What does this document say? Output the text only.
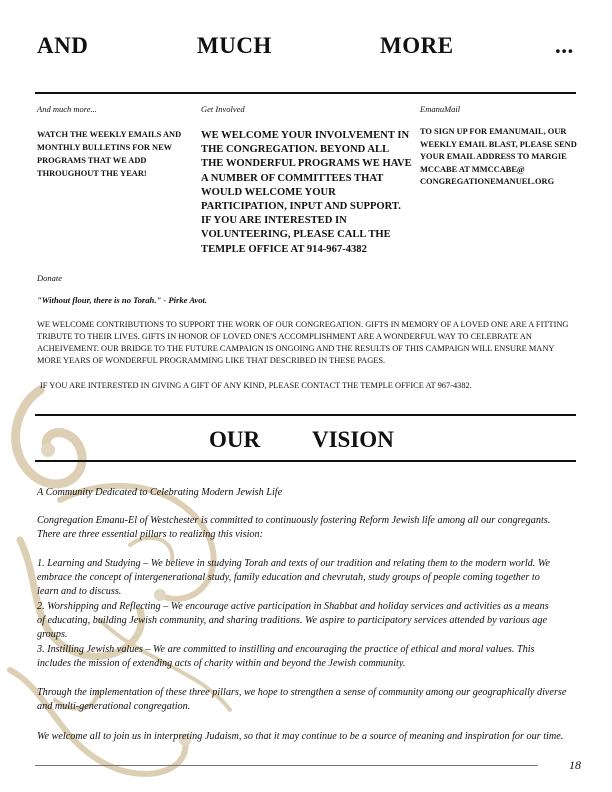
AND	MUCH	MORE	...
And much more...	Get Involved	EmanuMail
WATCH THE WEEKLY EMAILS AND MONTHLY BULLETINS FOR NEW PROGRAMS THAT WE ADD THROUGHOUT THE YEAR!
WE WELCOME YOUR INVOLVEMENT IN THE CONGREGATION. BEYOND ALL THE WONDERFUL PROGRAMS WE HAVE A NUMBER OF COMMITTEES THAT WOULD WELCOME YOUR PARTICIPATION, INPUT AND SUPPORT. IF YOU ARE INTERESTED IN VOLUNTEERING, PLEASE CALL THE TEMPLE OFFICE AT 914-967-4382
TO SIGN UP FOR EMANUMAIL, OUR WEEKLY EMAIL BLAST, PLEASE SEND YOUR EMAIL ADDRESS TO MARGIE MCCABE AT MMCCABE@ CONGREGATIONEMANUEL.ORG
Donate
"Without flour, there is no Torah." - Pirke Avot.
WE WELCOME CONTRIBUTIONS TO SUPPORT THE WORK OF OUR CONGREGATION. GIFTS IN MEMORY OF A LOVED ONE ARE A FITTING TRIBUTE TO THEIR LIVES. GIFTS IN HONOR OF LOVED ONE'S ACCOMPLISHMENT ARE A WONDERFUL WAY TO CELEBRATE AN ACHEIVEMENT. OUR BRIDGE TO THE FUTURE CAMPAIGN IS ONGOING AND THE RESULTS OF THIS CAMPAIGN WILL ENSURE MANY MORE YEARS OF WONDERFUL PROGRAMMING LIKE THAT DESCRIBED IN THESE PAGES.
IF YOU ARE INTERESTED IN GIVING A GIFT OF ANY KIND, PLEASE CONTACT THE TEMPLE OFFICE AT 967-4382.
OUR VISION
A Community Dedicated to Celebrating Modern Jewish Life
Congregation Emanu-El of Westchester is committed to continuously fostering Reform Jewish life among all our congregants. There are three essential pillars to realizing this vision:
1. Learning and Studying – We believe in studying Torah and texts of our tradition and relating them to the modern world. We embrace the concept of intergenerational study, family education and chevrutah, study groups of people coming together to learn and to discuss.
2. Worshipping and Reflecting – We encourage active participation in Shabbat and holiday services and activities as a means of educating, building Jewish community, and sharing traditions. We aspire to participatory services attended by various age groups.
3. Instilling Jewish values – We are committed to instilling and encouraging the practice of ethical and moral values. This includes the mission of extending acts of charity within and beyond the Jewish community.
Through the implementation of these three pillars, we hope to strengthen a sense of community among our geographically diverse and multi-generational congregation.
We welcome all to join us in interpreting Judaism, so that it may continue to be a source of meaning and inspiration for our time.
18
